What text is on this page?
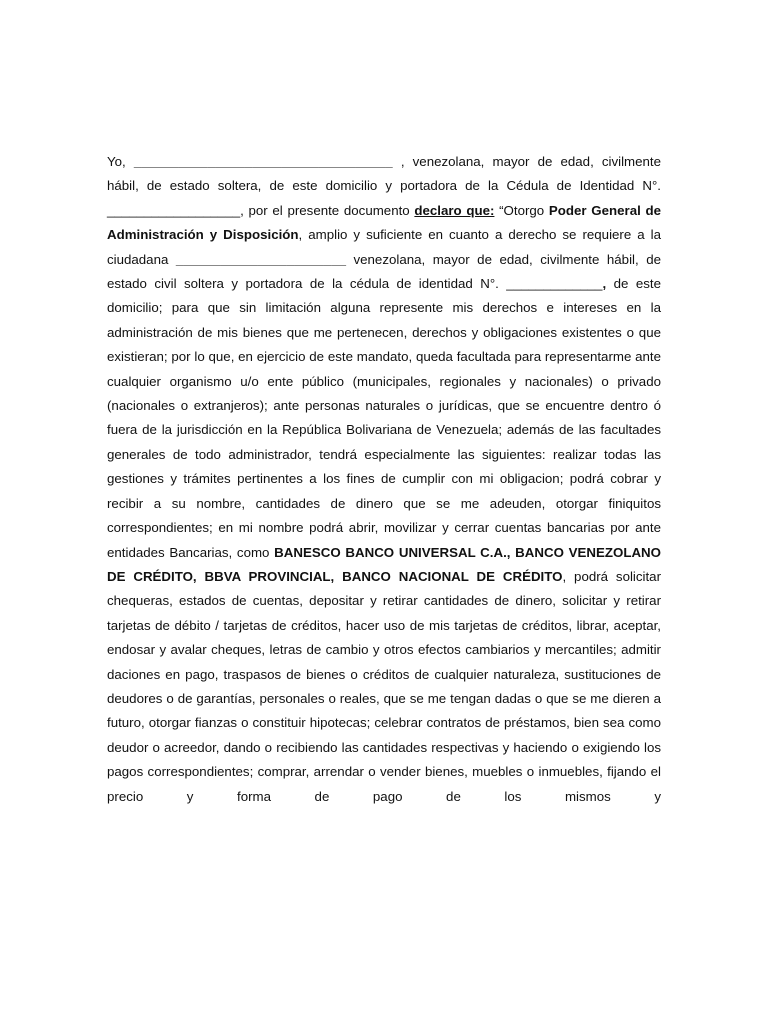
Yo, ___________________________________ , venezolana, mayor de edad, civilmente hábil, de estado soltera, de este domicilio y portadora de la Cédula de Identidad N°. __________________, por el presente documento declaro que: “Otorgo Poder General de Administración y Disposición, amplio y suficiente en cuanto a derecho se requiere a la ciudadana _______________________ venezolana, mayor de edad, civilmente hábil, de estado civil soltera y portadora de la cédula de identidad N°. _____________, de este domicilio; para que sin limitación alguna represente mis derechos e intereses en la administración de mis bienes que me pertenecen, derechos y obligaciones existentes o que existieran; por lo que, en ejercicio de este mandato, queda facultada para representarme ante cualquier organismo u/o ente público (municipales, regionales y nacionales) o privado (nacionales o extranjeros); ante personas naturales o jurídicas, que se encuentre dentro ó fuera de la jurisdicción en la República Bolivariana de Venezuela; además de las facultades generales de todo administrador, tendrá especialmente las siguientes: realizar todas las gestiones y trámites pertinentes a los fines de cumplir con mi obligacion; podrá cobrar y recibir a su nombre, cantidades de dinero que se me adeuden, otorgar finiquitos correspondientes; en mi nombre podrá abrir, movilizar y cerrar cuentas bancarias por ante entidades Bancarias, como BANESCO BANCO UNIVERSAL C.A., BANCO VENEZOLANO DE CRÉDITO, BBVA PROVINCIAL, BANCO NACIONAL DE CRÉDITO, podrá solicitar chequeras, estados de cuentas, depositar y retirar cantidades de dinero, solicitar y retirar tarjetas de débito / tarjetas de créditos, hacer uso de mis tarjetas de créditos, librar, aceptar, endosar y avalar cheques, letras de cambio y otros efectos cambiarios y mercantiles; admitir daciones en pago, traspasos de bienes o créditos de cualquier naturaleza, sustituciones de deudores o de garantías, personales o reales, que se me tengan dadas o que se me dieren a futuro, otorgar fianzas o constituir hipotecas; celebrar contratos de préstamos, bien sea como deudor o acreedor, dando o recibiendo las cantidades respectivas y haciendo o exigiendo los pagos correspondientes; comprar, arrendar o vender bienes, muebles o inmuebles, fijando el precio y forma de pago de los mismos y
